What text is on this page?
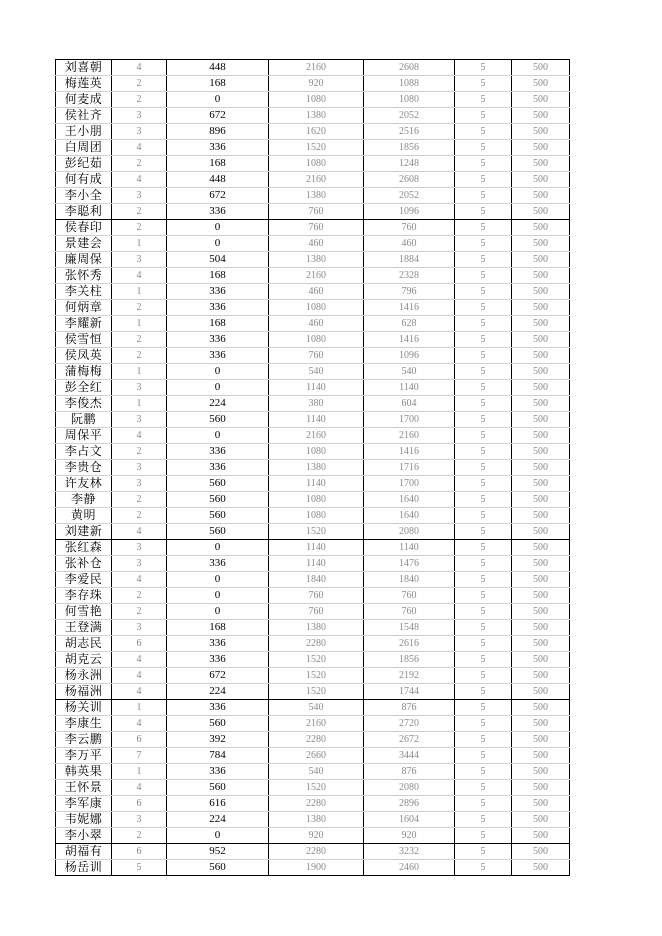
刘喜朝	4	448	2160	2608	5	500
梅莲英	2	168	920	1088	5	500
何麦成	2	0	1080	1080	5	500
侯社齐	3	672	1380	2052	5	500
王小朋	3	896	1620	2516	5	500
白周团	4	336	1520	1856	5	500
彭纪茹	2	168	1080	1248	5	500
何有成	4	448	2160	2608	5	500
李小全	3	672	1380	2052	5	500
李聪利	2	336	760	1096	5	500
侯春印	2	0	760	760	5	500
景建会	1	0	460	460	5	500
廉周保	3	504	1380	1884	5	500
张怀秀	4	168	2160	2328	5	500
李关柱	1	336	460	796	5	500
何炳章	2	336	1080	1416	5	500
李耀新	1	168	460	628	5	500
侯雪恒	2	336	1080	1416	5	500
侯凤英	2	336	760	1096	5	500
蒲梅梅	1	0	540	540	5	500
彭全红	3	0	1140	1140	5	500
李俊杰	1	224	380	604	5	500
阮鹏	3	560	1140	1700	5	500
周保平	4	0	2160	2160	5	500
李占文	2	336	1080	1416	5	500
李贵仓	3	336	1380	1716	5	500
许友林	3	560	1140	1700	5	500
李静	2	560	1080	1640	5	500
黄明	2	560	1080	1640	5	500
刘建新	4	560	1520	2080	5	500
张红森	3	0	1140	1140	5	500
张补仓	3	336	1140	1476	5	500
李爱民	4	0	1840	1840	5	500
李存珠	2	0	760	760	5	500
何雪艳	2	0	760	760	5	500
王登满	3	168	1380	1548	5	500
胡志民	6	336	2280	2616	5	500
胡克云	4	336	1520	1856	5	500
杨永洲	4	672	1520	2192	5	500
杨福洲	4	224	1520	1744	5	500
杨关训	1	336	540	876	5	500
李康生	4	560	2160	2720	5	500
李云鹏	6	392	2280	2672	5	500
李万平	7	784	2660	3444	5	500
韩英果	1	336	540	876	5	500
王怀景	4	560	1520	2080	5	500
李军康	6	616	2280	2896	5	500
韦妮娜	3	224	1380	1604	5	500
李小翠	2	0	920	920	5	500
胡福有	6	952	2280	3232	5	500
杨岳训	5	560	1900	2460	5	500
